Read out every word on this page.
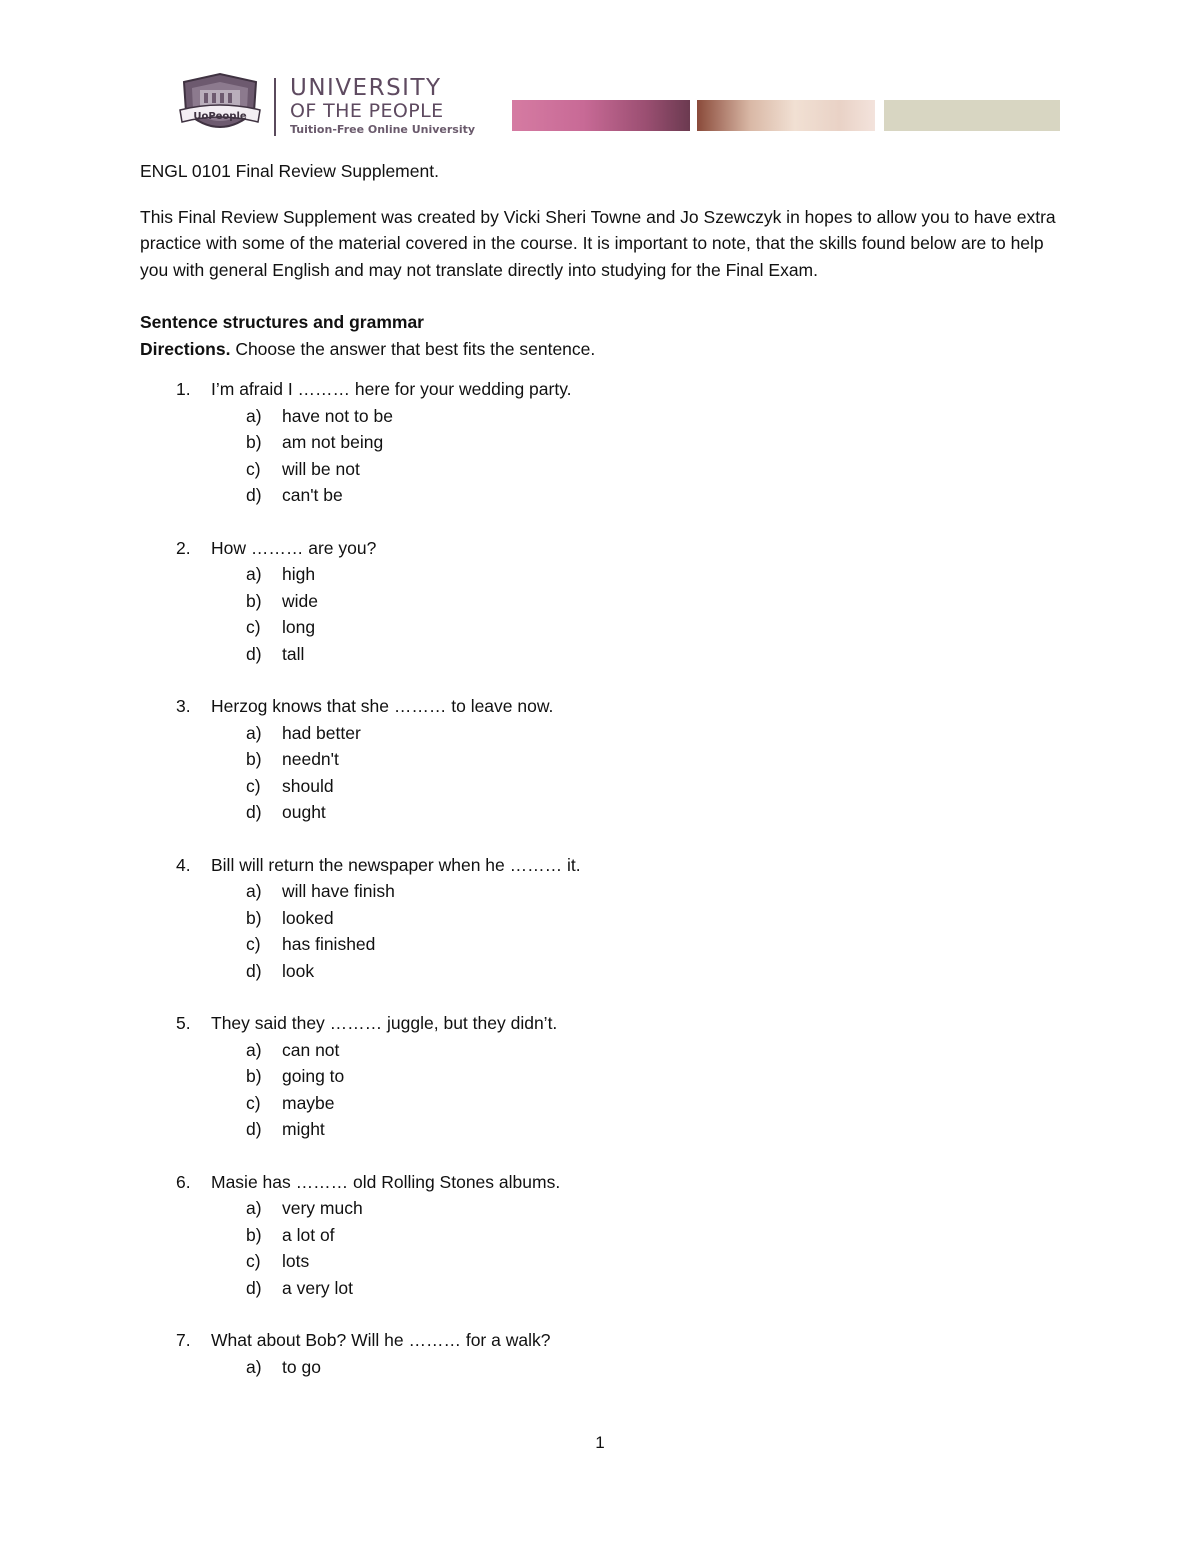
UoPeople
UNIVERSITY
OF THE PEOPLE
Tuition-Free Online University

ENGL 0101 Final Review Supplement.

This Final Review Supplement was created by Vicki Sheri Towne and Jo Szewczyk in hopes to allow you to have extra practice with some of the material covered in the course. It is important to note, that the skills found below are to help you with general English and may not translate directly into studying for the Final Exam.

Sentence structures and grammar

Directions. Choose the answer that best fits the sentence.

1.	I’m afraid I ……… here for your wedding party.
a)	have not to be
b)	am not being
c)	will be not
d)	can't be
2.	How ……… are you?
a)	high
b)	wide
c)	long
d)	tall
3.	Herzog knows that she ……… to leave now.
a)	had better
b)	needn't
c)	should
d)	ought
4.	Bill will return the newspaper when he ……… it.
a)	will have finish
b)	looked
c)	has finished
d)	look
5.	They said they ……… juggle, but they didn’t.
a)	can not
b)	going to
c)	maybe
d)	might
6.	Masie has ……… old Rolling Stones albums.
a)	very much
b)	a lot of
c)	lots
d)	a very lot
7.	What about Bob? Will he ……… for a walk?
a)	to go
1
